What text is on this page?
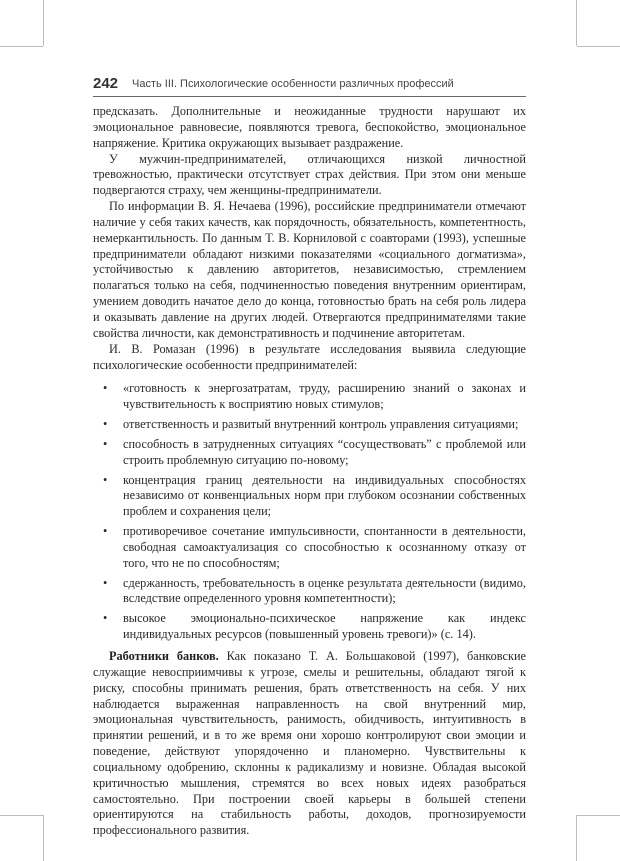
242 Часть III. Психологические особенности различных профессий

предсказать. Дополнительные и неожиданные трудности нарушают их эмоциональное равновесие, появляются тревога, беспокойство, эмоциональное напряжение. Критика окружающих вызывает раздражение.

У мужчин-предпринимателей, отличающихся низкой личностной тревожностью, практически отсутствует страх действия. При этом они меньше подвергаются страху, чем женщины-предприниматели.

По информации В. Я. Нечаева (1996), российские предприниматели отмечают наличие у себя таких качеств, как порядочность, обязательность, компетентность, немеркантильность. По данным Т. В. Корниловой с соавторами (1993), успешные предприниматели обладают низкими показателями «социального догматизма», устойчивостью к давлению авторитетов, независимостью, стремлением полагаться только на себя, подчиненностью поведения внутренним ориентирам, умением доводить начатое дело до конца, готовностью брать на себя роль лидера и оказывать давление на других людей. Отвергаются предпринимателями такие свойства личности, как демонстративность и подчинение авторитетам.

И. В. Ромазан (1996) в результате исследования выявила следующие психологические особенности предпринимателей:

• «готовность к энергозатратам, труду, расширению знаний о законах и чувствительность к восприятию новых стимулов;
• ответственность и развитый внутренний контроль управления ситуациями;
• способность в затрудненных ситуациях “сосуществовать” с проблемой или строить проблемную ситуацию по-новому;
• концентрация границ деятельности на индивидуальных способностях независимо от конвенциальных норм при глубоком осознании собственных проблем и сохранения цели;
• противоречивое сочетание импульсивности, спонтанности в деятельности, свободная самоактуализация со способностью к осознанному отказу от того, что не по способностям;
• сдержанность, требовательность в оценке результата деятельности (видимо, вследствие определенного уровня компетентности);
• высокое эмоционально-психическое напряжение как индекс индивидуальных ресурсов (повышенный уровень тревоги)» (с. 14).

Работники банков. Как показано Т. А. Большаковой (1997), банковские служащие невосприимчивы к угрозе, смелы и решительны, обладают тягой к риску, способны принимать решения, брать ответственность на себя. У них наблюдается выраженная направленность на свой внутренний мир, эмоциональная чувствительность, ранимость, обидчивость, интуитивность в принятии решений, и в то же время они хорошо контролируют свои эмоции и поведение, действуют упорядоченно и планомерно. Чувствительны к социальному одобрению, склонны к радикализму и новизне. Обладая высокой критичностью мышления, стремятся во всех новых идеях разобраться самостоятельно. При построении своей карьеры в большей степени ориентируются на стабильность работы, доходов, прогнозируемости профессионального развития.
